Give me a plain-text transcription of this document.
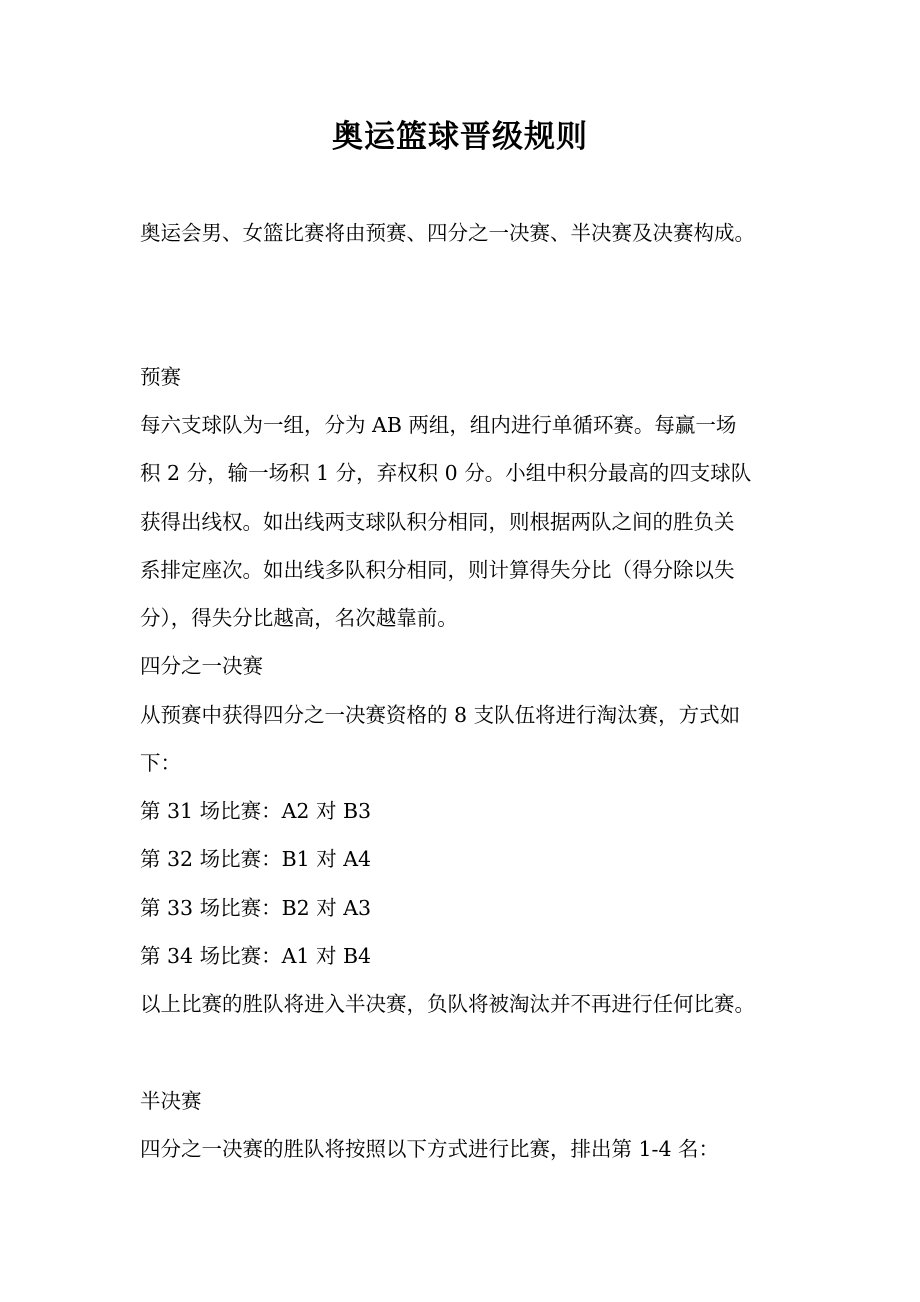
奥运篮球晋级规则
奥运会男、女篮比赛将由预赛、四分之一决赛、半决赛及决赛构成。
预赛
每六支球队为一组，分为 AB 两组，组内进行单循环赛。每赢一场
积 2 分，输一场积 1 分，弃权积 0 分。小组中积分最高的四支球队
获得出线权。如出线两支球队积分相同，则根据两队之间的胜负关
系排定座次。如出线多队积分相同，则计算得失分比（得分除以失
分），得失分比越高，名次越靠前。
四分之一决赛
从预赛中获得四分之一决赛资格的 8 支队伍将进行淘汰赛，方式如
下：
第 31 场比赛：A2 对 B3
第 32 场比赛：B1 对 A4
第 33 场比赛：B2 对 A3
第 34 场比赛：A1 对 B4
以上比赛的胜队将进入半决赛，负队将被淘汰并不再进行任何比赛。
半决赛
四分之一决赛的胜队将按照以下方式进行比赛，排出第 1-4 名：
